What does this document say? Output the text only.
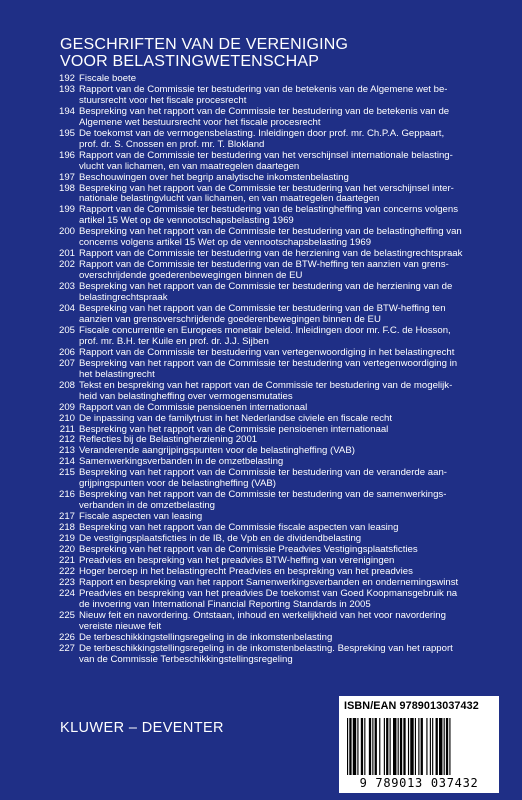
GESCHRIFTEN VAN DE VERENIGING
VOOR BELASTINGWETENSCHAP
192 Fiscale boete
193 Rapport van de Commissie ter bestudering van de betekenis van de Algemene wet be-
stuursrecht voor het fiscale procesrecht
194 Bespreking van het rapport van de Commissie ter bestudering van de betekenis van de
Algemene wet bestuursrecht voor het fiscale procesrecht
195 De toekomst van de vermogensbelasting. Inleidingen door prof. mr. Ch.P.A. Geppaart,
prof. dr. S. Cnossen en prof. mr. T. Blokland
196 Rapport van de Commissie ter bestudering van het verschijnsel internationale belasting-
vlucht van lichamen, en van maatregelen daartegen
197 Beschouwingen over het begrip analytische inkomstenbelasting
198 Bespreking van het rapport van de Commissie ter bestudering van het verschijnsel inter-
nationale belastingvlucht van lichamen, en van maatregelen daartegen
199 Rapport van de Commissie ter bestudering van de belastingheffing van concerns volgens
artikel 15 Wet op de vennootschapsbelasting 1969
200 Bespreking van het rapport van de Commissie ter bestudering van de belastingheffing van
concerns volgens artikel 15 Wet op de vennootschapsbelasting 1969
201 Rapport van de Commissie ter bestudering van de herziening van de belastingrechtspraak
202 Rapport van de Commissie ter bestudering van de BTW-heffing ten aanzien van grens-
overschrijdende goederenbewegingen binnen de EU
203 Bespreking van het rapport van de Commissie ter bestudering van de herziening van de
belastingrechtspraak
204 Bespreking van het rapport van de Commissie ter bestudering van de BTW-heffing ten
aanzien van grensoverschrijdende goederenbewegingen binnen de EU
205 Fiscale concurrentie en Europees monetair beleid. Inleidingen door mr. F.C. de Hosson,
prof. mr. B.H. ter Kuile en prof. dr. J.J. Sijben
206 Rapport van de Commissie ter bestudering van vertegenwoordiging in het belastingrecht
207 Bespreking van het rapport van de Commissie ter bestudering van vertegenwoordiging in
het belastingrecht
208 Tekst en bespreking van het rapport van de Commissie ter bestudering van de mogelijk-
heid van belastingheffing over vermogensmutaties
209 Rapport van de Commissie pensioenen internationaal
210 De inpassing van de familytrust in het Nederlandse civiele en fiscale recht
211 Bespreking van het rapport van de Commissie pensioenen internationaal
212 Reflecties bij de Belastingherziening 2001
213 Veranderende aangrijpingspunten voor de belastingheffing (VAB)
214 Samenwerkingsverbanden in de omzetbelasting
215 Bespreking van het rapport van de Commissie ter bestudering van de veranderde aan-
grijpingspunten voor de belastingheffing (VAB)
216 Bespreking van het rapport van de Commissie ter bestudering van de samenwerkings-
verbanden in de omzetbelasting
217 Fiscale aspecten van leasing
218 Bespreking van het rapport van de Commissie fiscale aspecten van leasing
219 De vestigingsplaatsficties in de IB, de Vpb en de dividendbelasting
220 Bespreking van het rapport van de Commissie Preadvies Vestigingsplaatsficties
221 Preadvies en bespreking van het preadvies BTW-heffing van verenigingen
222 Hoger beroep in het belastingrecht Preadvies en bespreking van het preadvies
223 Rapport en bespreking van het rapport Samenwerkingsverbanden en ondernemingswinst
224 Preadvies en bespreking van het preadvies De toekomst van Goed Koopmansgebruik na
de invoering van International Financial Reporting Standards in 2005
225 Nieuw feit en navordering. Ontstaan, inhoud en werkelijkheid van het voor navordering
vereiste nieuwe feit
226 De terbeschikkingstellingsregeling in de inkomstenbelasting
227 De terbeschikkingstellingsregeling in de inkomstenbelasting. Bespreking van het rapport
van de Commissie Terbeschikkingstellingsregeling
KLUWER – DEVENTER
ISBN/EAN 9789013037432
9 789013 037432
